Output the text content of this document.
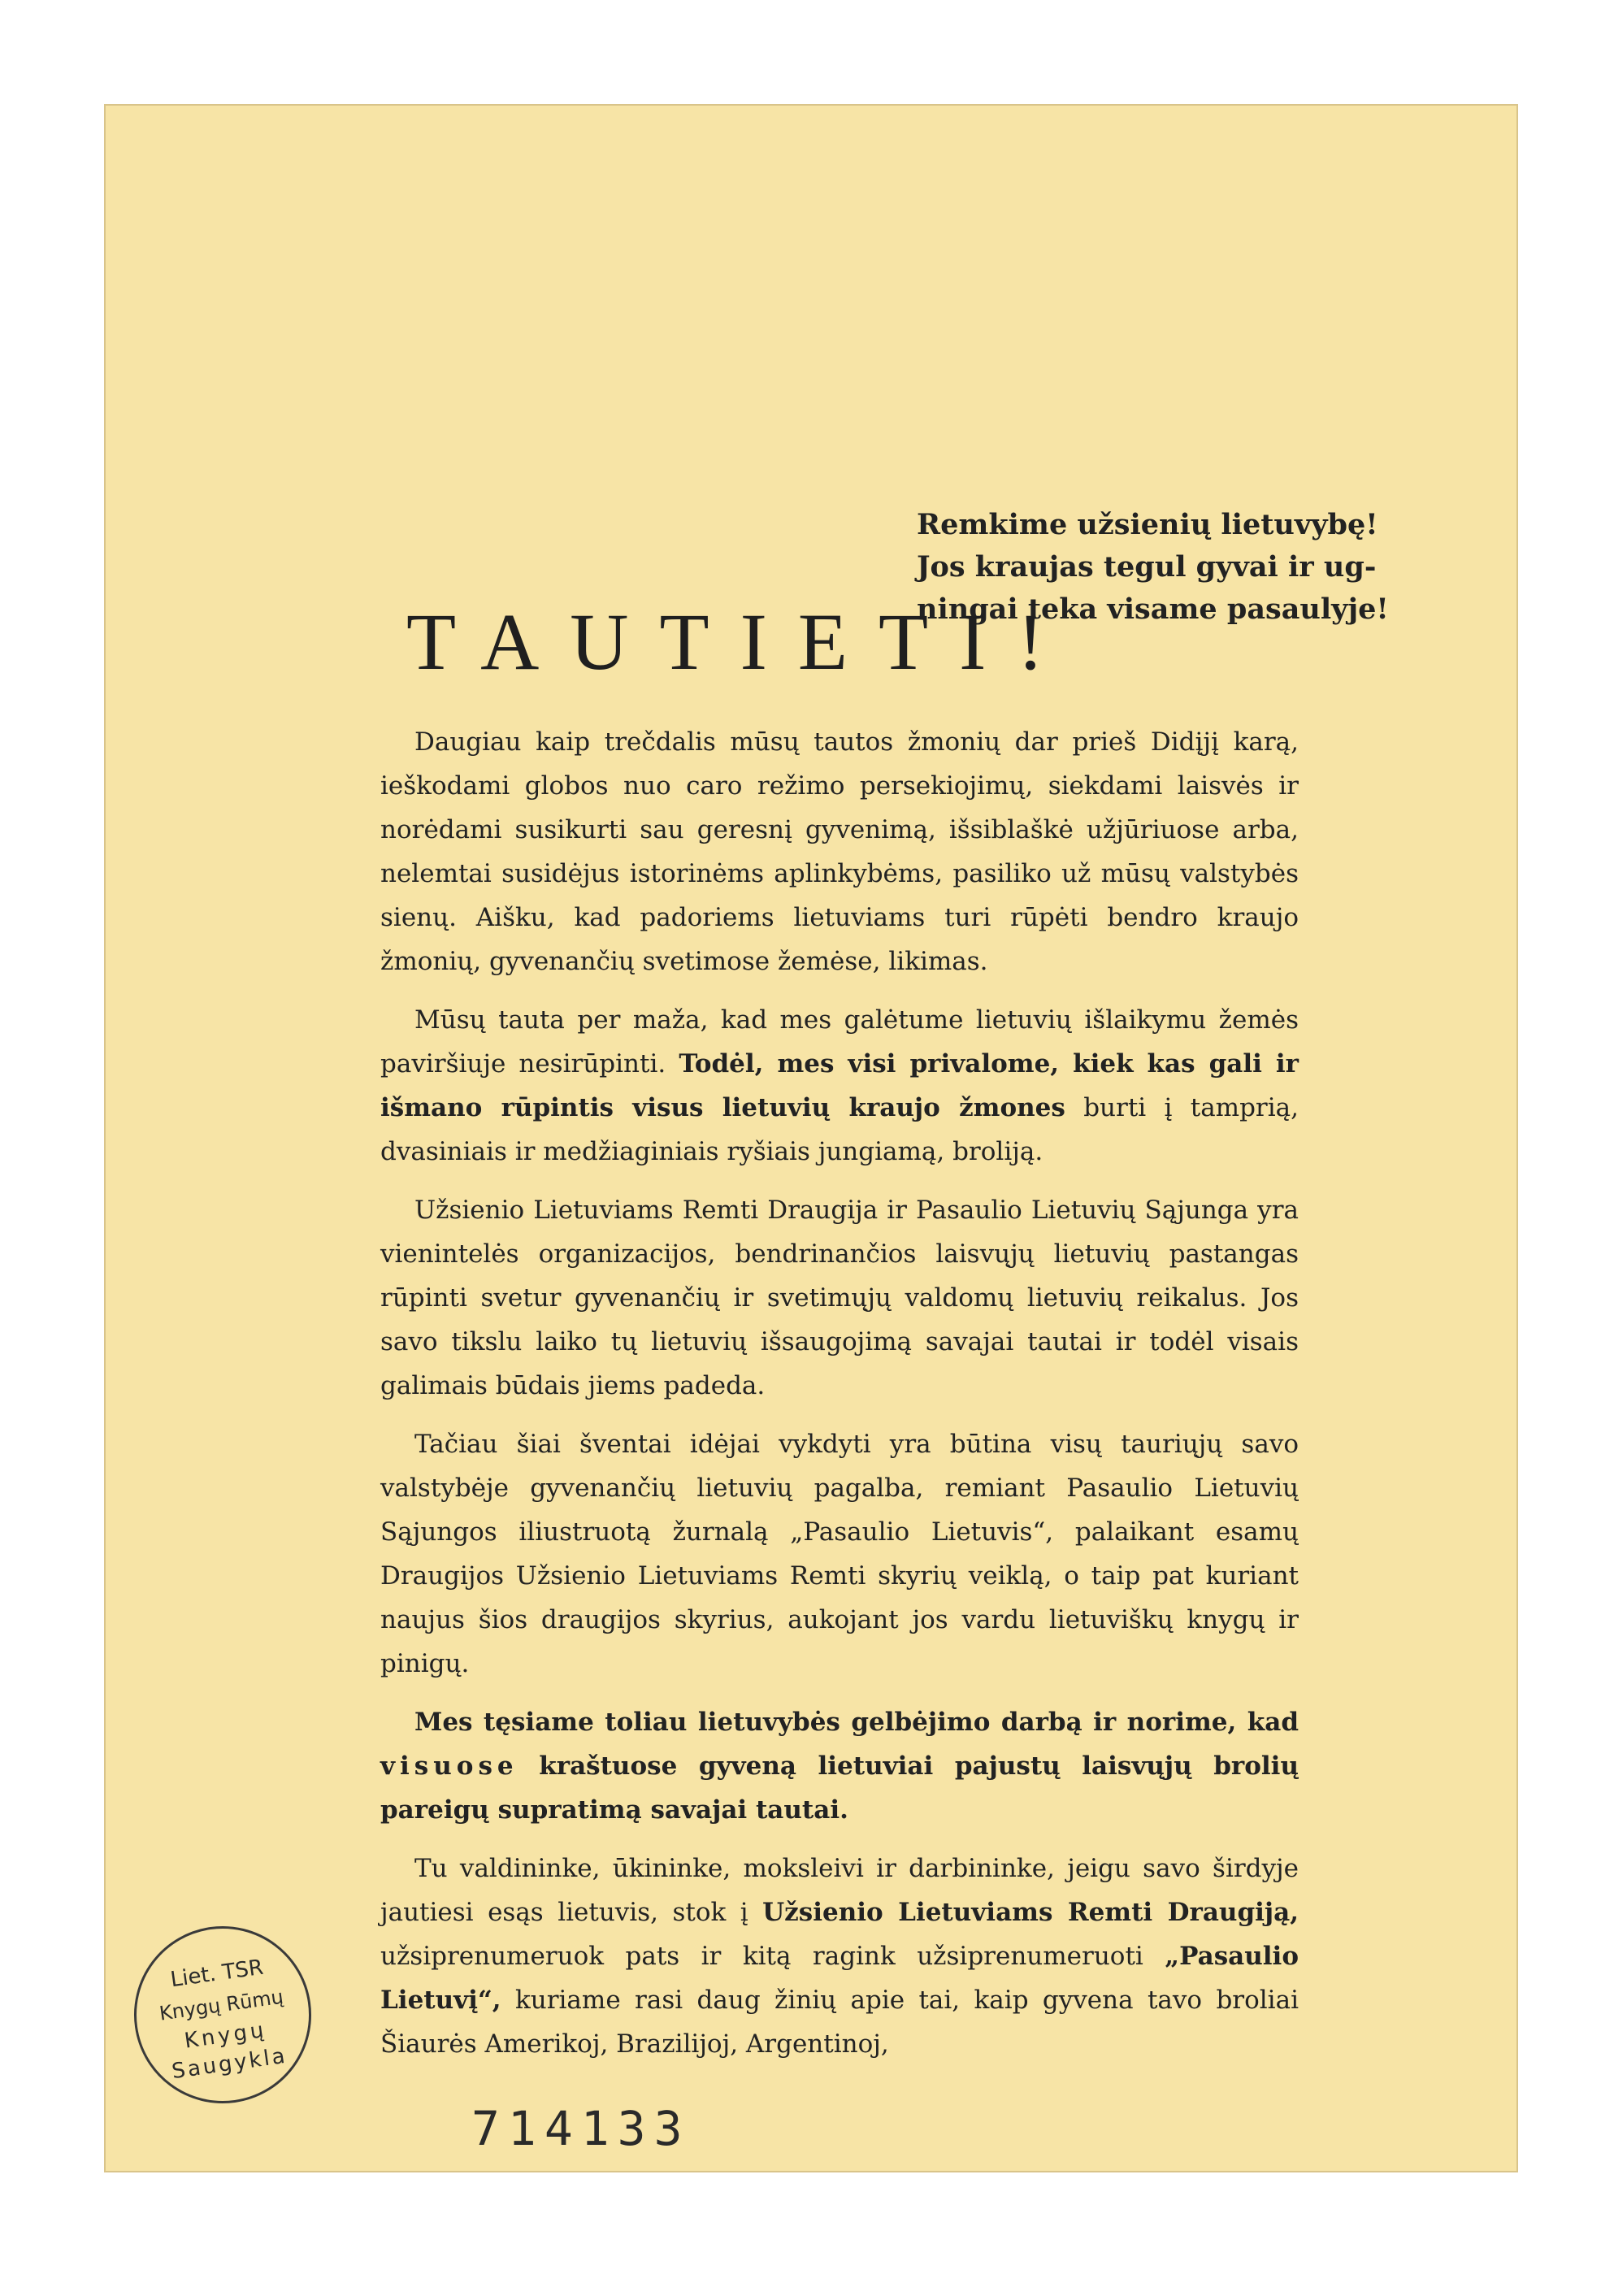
Remkime užsienių lietuvybę!
Jos kraujas tegul gyvai ir ug-
ningai teka visame pasaulyje!
TAUTIETI!

Daugiau kaip trečdalis mūsų tautos žmonių dar prieš Didįjį karą, ieškodami globos nuo caro režimo persekiojimų, siekdami laisvės ir norėdami susikurti sau geresnį gyvenimą, išsiblaškė užjūriuose arba, nelemtai susidėjus istorinėms aplinkybėms, pasiliko už mūsų valstybės sienų. Aišku, kad padoriems lietuviams turi rūpėti bendro kraujo žmonių, gyvenančių svetimose žemėse, likimas.

Mūsų tauta per maža, kad mes galėtume lietuvių išlaikymu žemės paviršiuje nesirūpinti. Todėl, mes visi privalome, kiek kas gali ir išmano rūpintis visus lietuvių kraujo žmones burti į tamprią, dvasiniais ir medžiaginiais ryšiais jungiamą, broliją.

Užsienio Lietuviams Remti Draugija ir Pasaulio Lietuvių Sąjunga yra vienintelės organizacijos, bendrinančios laisvųjų lietuvių pastangas rūpinti svetur gyvenančių ir svetimųjų valdomų lietuvių reikalus. Jos savo tikslu laiko tų lietuvių išsaugojimą savajai tautai ir todėl visais galimais būdais jiems padeda.

Tačiau šiai šventai idėjai vykdyti yra būtina visų tauriųjų savo valstybėje gyvenančių lietuvių pagalba, remiant Pasaulio Lietuvių Sąjungos iliustruotą žurnalą „Pasaulio Lietuvis“, palaikant esamų Draugijos Užsienio Lietuviams Remti skyrių veiklą, o taip pat kuriant naujus šios draugijos skyrius, aukojant jos vardu lietuviškų knygų ir pinigų.

Mes tęsiame toliau lietuvybės gelbėjimo darbą ir norime, kad visuose kraštuose gyveną lietuviai pajustų laisvųjų brolių pareigų supratimą savajai tautai.

Tu valdininke, ūkininke, moksleivi ir darbininke, jeigu savo širdyje jautiesi esąs lietuvis, stok į Užsienio Lietuviams Remti Draugiją, užsiprenumeruok pats ir kitą ragink užsiprenumeruoti „Pasaulio Lietuvį“, kuriame rasi daug žinių apie tai, kaip gyvena tavo broliai Šiaurės Amerikoj, Brazilijoj, Argentinoj,

Liet. TSR
Knygų Rūmų
Knygų
Saugykla
714133
